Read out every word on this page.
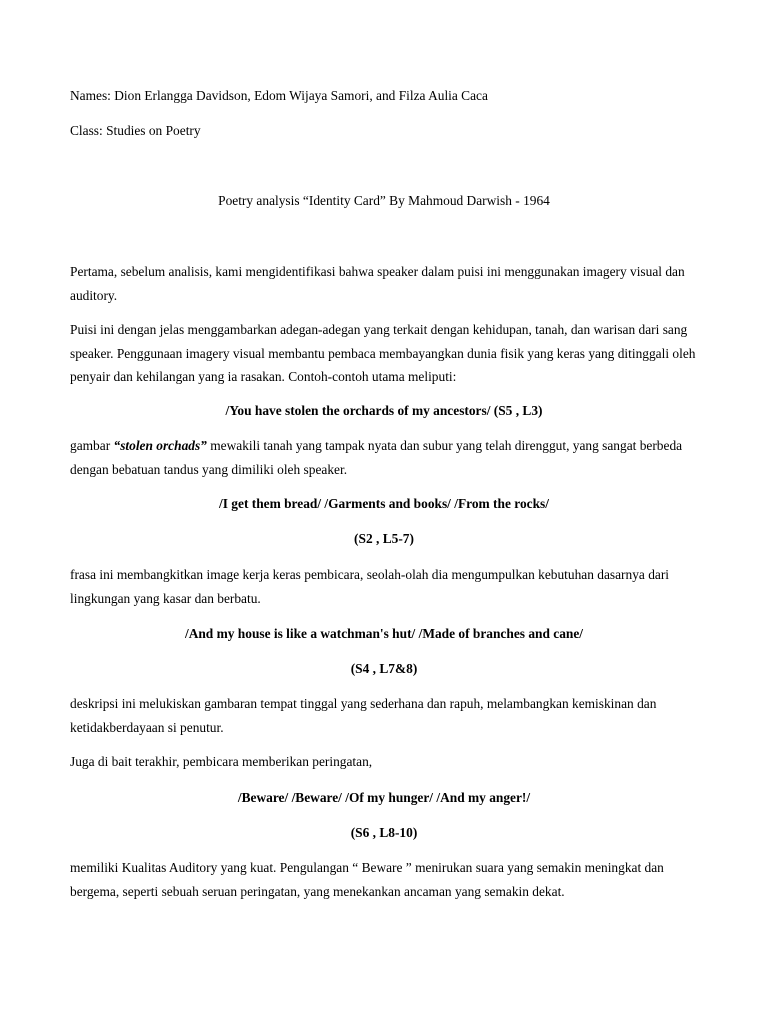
Names: Dion Erlangga Davidson, Edom Wijaya Samori, and Filza Aulia Caca

Class: Studies on Poetry

Poetry analysis “Identity Card” By Mahmoud Darwish - 1964

Pertama, sebelum analisis, kami mengidentifikasi bahwa speaker dalam puisi ini menggunakan imagery visual dan auditory.

Puisi ini dengan jelas menggambarkan adegan-adegan yang terkait dengan kehidupan, tanah, dan warisan dari sang speaker. Penggunaan imagery visual membantu pembaca membayangkan dunia fisik yang keras yang ditinggali oleh penyair dan kehilangan yang ia rasakan. Contoh-contoh utama meliputi:

/You have stolen the orchards of my ancestors/ (S5 , L3)

gambar “stolen orchads” mewakili tanah yang tampak nyata dan subur yang telah direnggut, yang sangat berbeda dengan bebatuan tandus yang dimiliki oleh speaker.

/I get them bread/ /Garments and books/ /From the rocks/

(S2 , L5-7)

frasa ini membangkitkan image kerja keras pembicara, seolah-olah dia mengumpulkan kebutuhan dasarnya dari lingkungan yang kasar dan berbatu.

/And my house is like a watchman's hut/ /Made of branches and cane/

(S4 , L7&8)

deskripsi ini melukiskan gambaran tempat tinggal yang sederhana dan rapuh, melambangkan kemiskinan dan ketidakberdayaan si penutur.

Juga di bait terakhir, pembicara memberikan peringatan,

/Beware/ /Beware/ /Of my hunger/ /And my anger!/

(S6 , L8-10)

memiliki Kualitas Auditory yang kuat. Pengulangan “ Beware ” menirukan suara yang semakin meningkat dan bergema, seperti sebuah seruan peringatan, yang menekankan ancaman yang semakin dekat.
